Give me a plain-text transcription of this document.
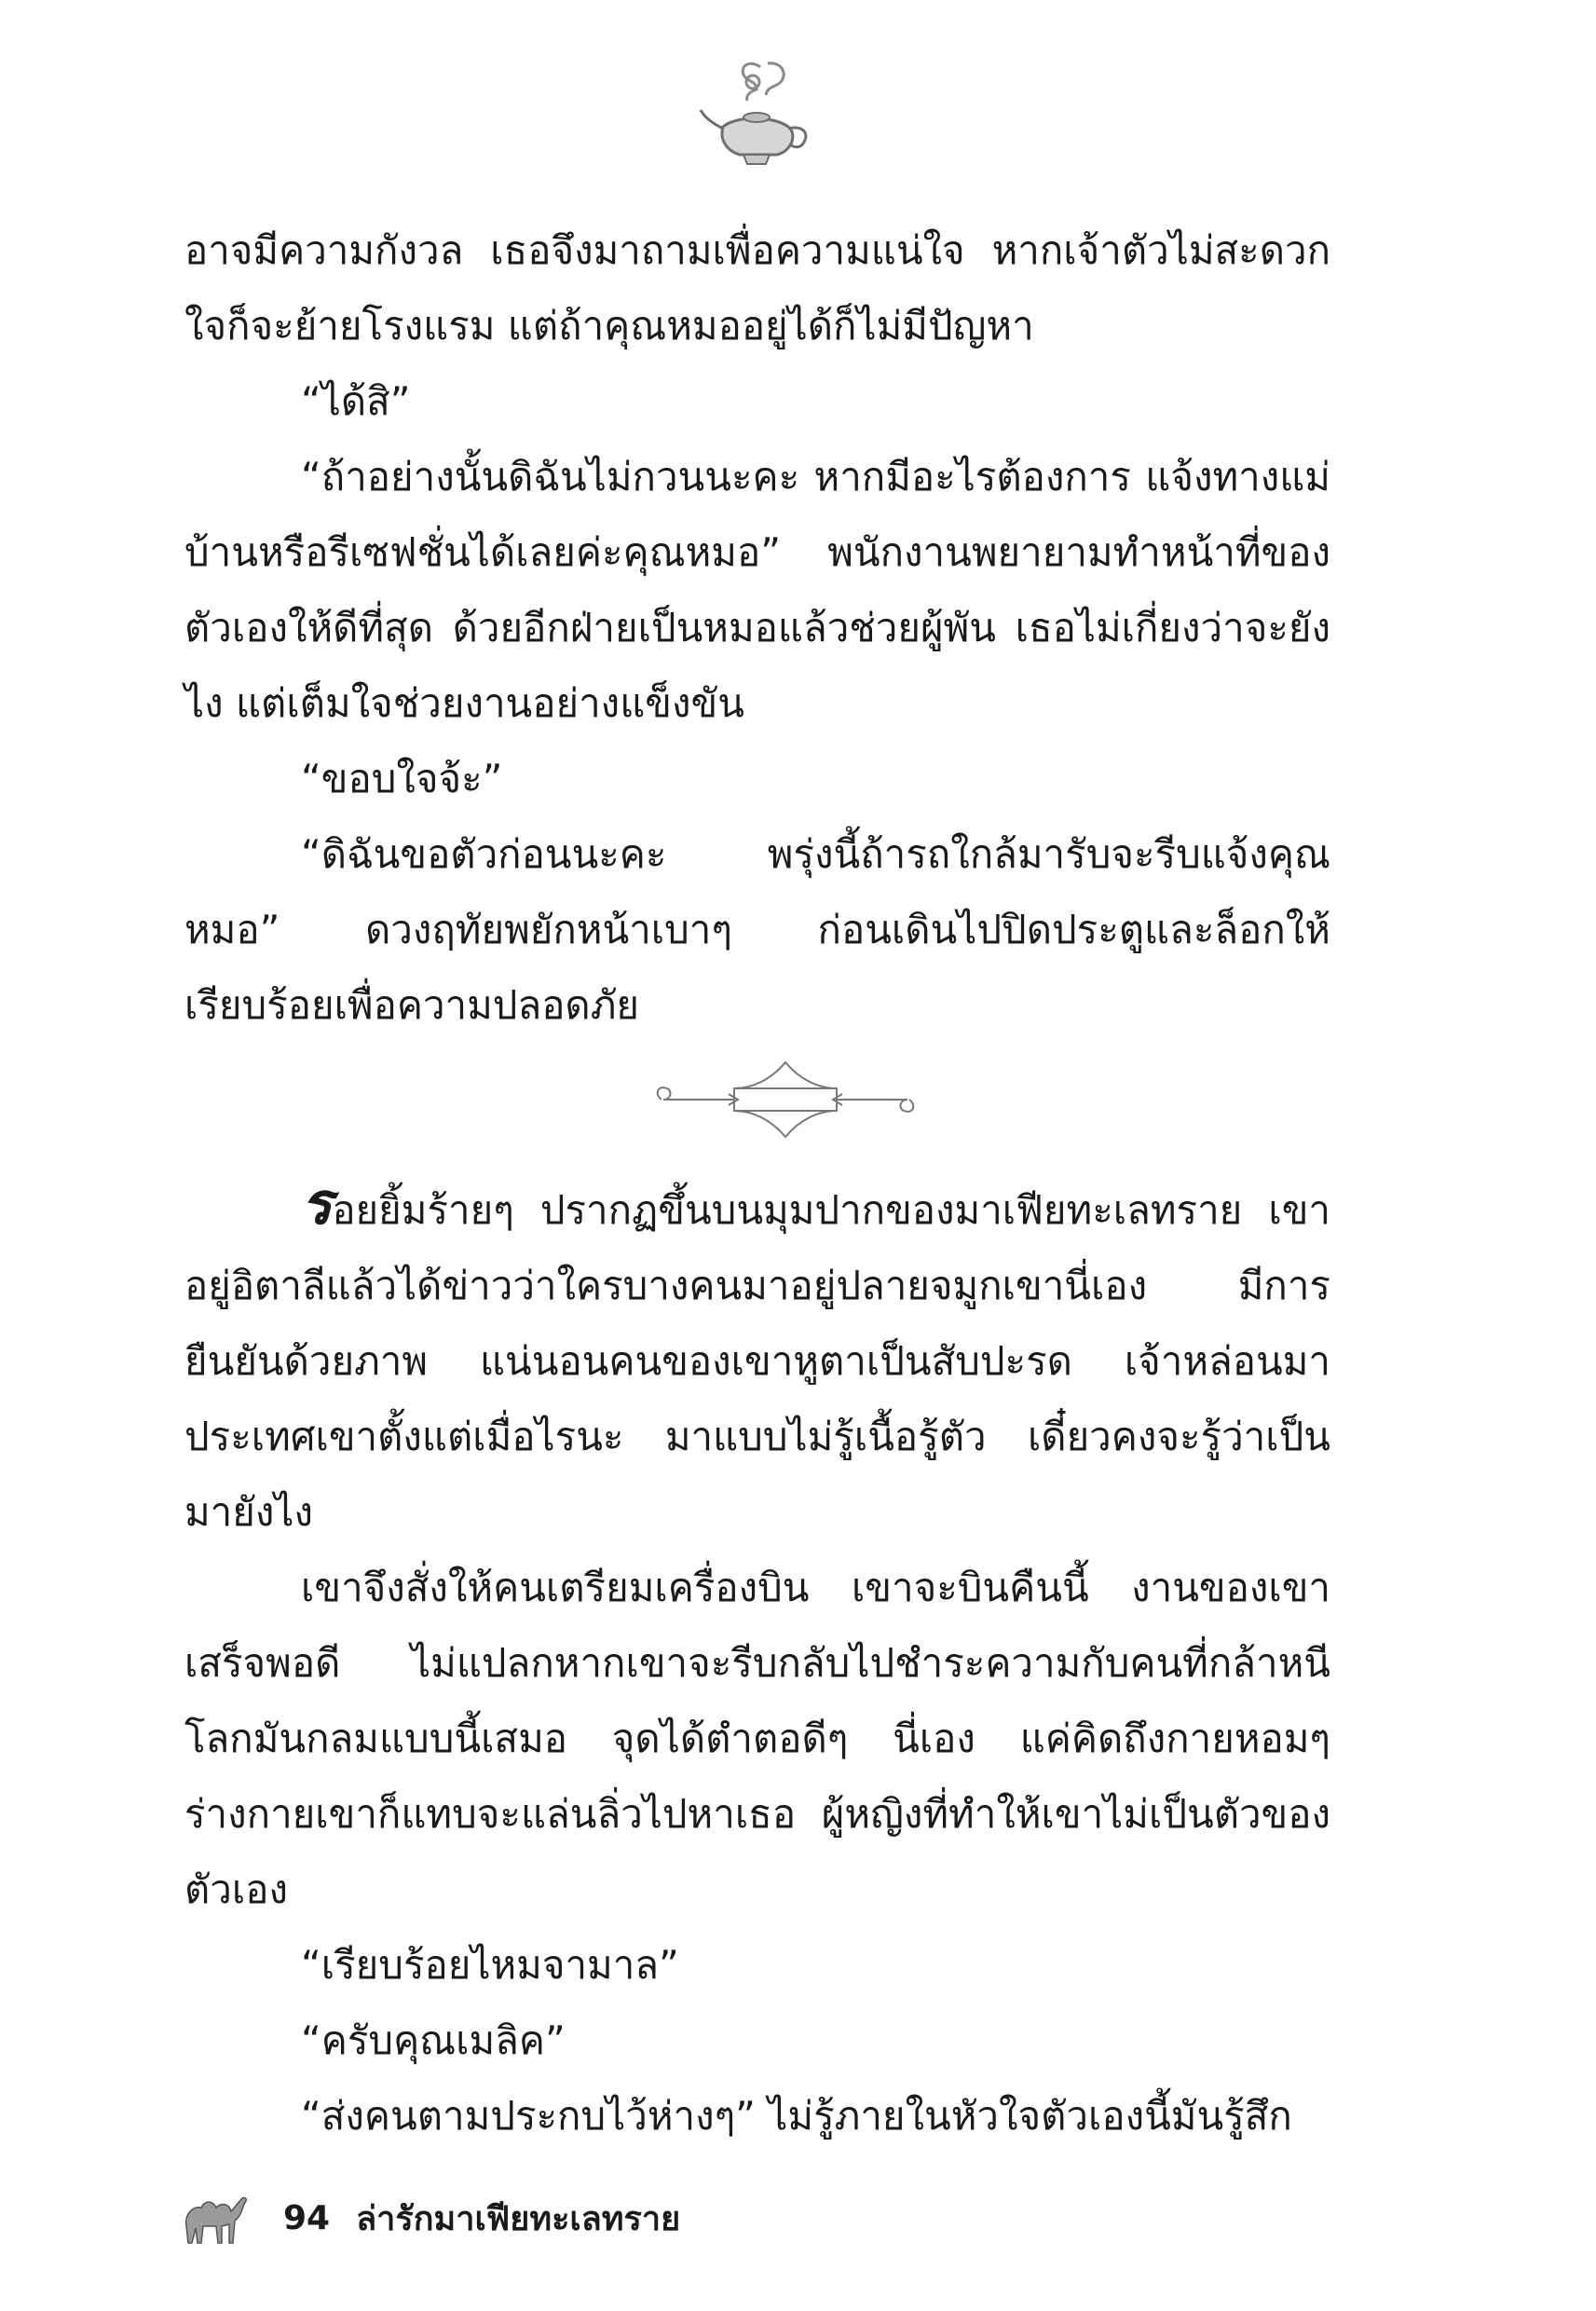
อาจมีความกังวล เธอจึงมาถามเพื่อความแน่ใจ หากเจ้าตัวไม่สะดวกใจก็จะย้ายโรงแรม แต่ถ้าคุณหมออยู่ได้ก็ไม่มีปัญหา

“ได้สิ”

“ถ้าอย่างนั้นดิฉันไม่กวนนะคะ หากมีอะไรต้องการ แจ้งทางแม่บ้านหรือรีเซฟชั่นได้เลยค่ะคุณหมอ” พนักงานพยายามทำหน้าที่ของตัวเองให้ดีที่สุด ด้วยอีกฝ่ายเป็นหมอแล้วช่วยผู้พัน เธอไม่เกี่ยงว่าจะยังไง แต่เต็มใจช่วยงานอย่างแข็งขัน

“ขอบใจจ้ะ”

“ดิฉันขอตัวก่อนนะคะ พรุ่งนี้ถ้ารถใกล้มารับจะรีบแจ้งคุณหมอ” ดวงฤทัยพยักหน้าเบาๆ ก่อนเดินไปปิดประตูและล็อกให้เรียบร้อยเพื่อความปลอดภัย

รอยยิ้มร้ายๆ ปรากฏขึ้นบนมุมปากของมาเฟียทะเลทราย เขาอยู่อิตาลีแล้วได้ข่าวว่าใครบางคนมาอยู่ปลายจมูกเขานี่เอง มีการยืนยันด้วยภาพ แน่นอนคนของเขาหูตาเป็นสับปะรด เจ้าหล่อนมาประเทศเขาตั้งแต่เมื่อไรนะ มาแบบไม่รู้เนื้อรู้ตัว เดี๋ยวคงจะรู้ว่าเป็นมายังไง

เขาจึงสั่งให้คนเตรียมเครื่องบิน เขาจะบินคืนนี้ งานของเขาเสร็จพอดี ไม่แปลกหากเขาจะรีบกลับไปชำระความกับคนที่กล้าหนีโลกมันกลมแบบนี้เสมอ จุดได้ตำตอดีๆ นี่เอง แค่คิดถึงกายหอมๆ ร่างกายเขาก็แทบจะแล่นลิ่วไปหาเธอ ผู้หญิงที่ทำให้เขาไม่เป็นตัวของตัวเอง

“เรียบร้อยไหมจามาล”

“ครับคุณเมลิค”

“ส่งคนตามประกบไว้ห่างๆ” ไม่รู้ภายในหัวใจตัวเองนี้มันรู้สึก

94 ล่ารักมาเฟียทะเลทราย
